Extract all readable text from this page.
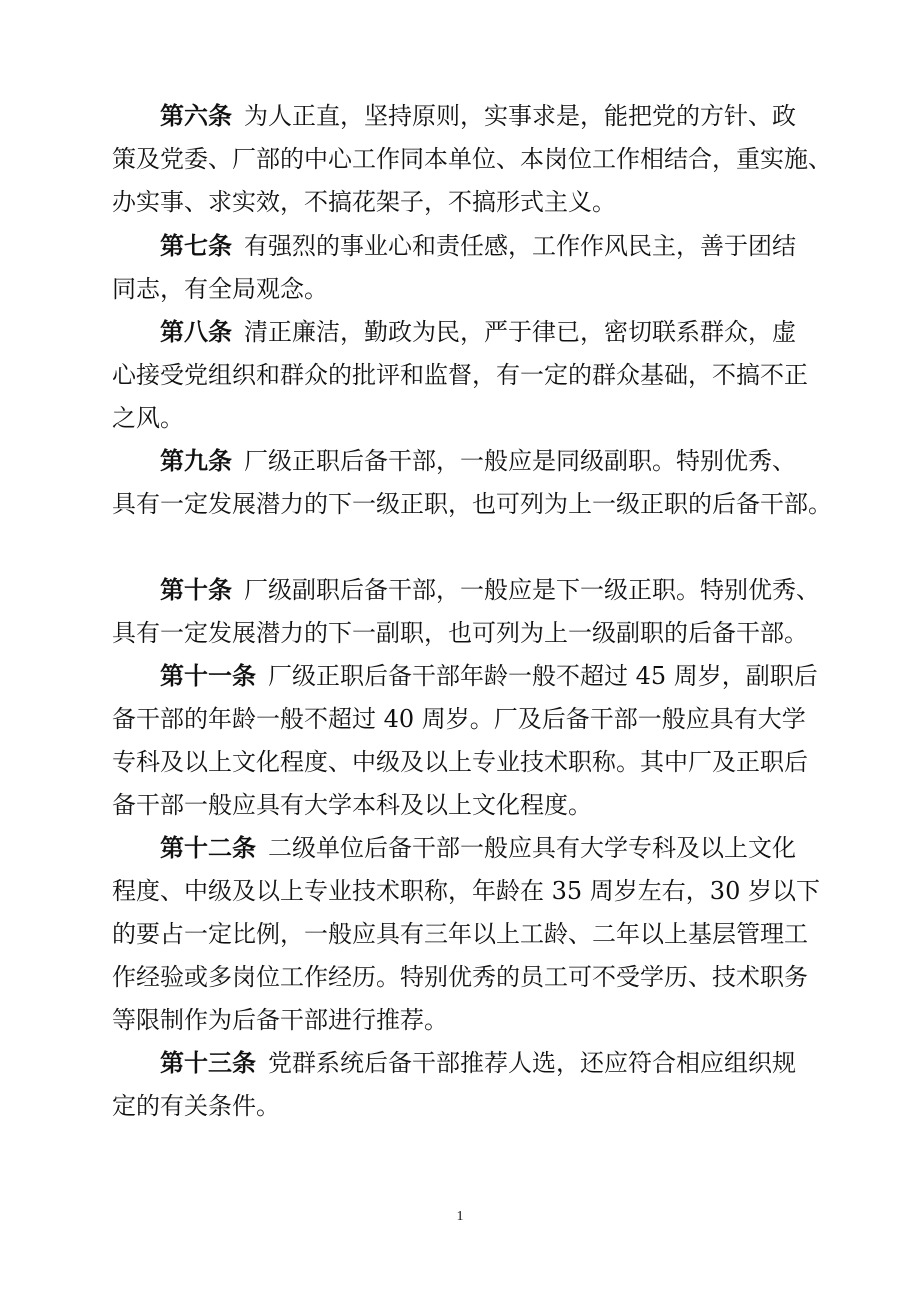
第六条 为人正直，坚持原则，实事求是，能把党的方针、政
策及党委、厂部的中心工作同本单位、本岗位工作相结合，重实施、
办实事、求实效，不搞花架子，不搞形式主义。
第七条 有强烈的事业心和责任感，工作作风民主，善于团结
同志，有全局观念。
第八条 清正廉洁，勤政为民，严于律已，密切联系群众，虚
心接受党组织和群众的批评和监督，有一定的群众基础，不搞不正
之风。
第九条 厂级正职后备干部，一般应是同级副职。特别优秀、
具有一定发展潜力的下一级正职，也可列为上一级正职的后备干部。
第十条 厂级副职后备干部，一般应是下一级正职。特别优秀、
具有一定发展潜力的下一副职，也可列为上一级副职的后备干部。
第十一条 厂级正职后备干部年龄一般不超过 45 周岁，副职后
备干部的年龄一般不超过 40 周岁。厂及后备干部一般应具有大学
专科及以上文化程度、中级及以上专业技术职称。其中厂及正职后
备干部一般应具有大学本科及以上文化程度。
第十二条 二级单位后备干部一般应具有大学专科及以上文化
程度、中级及以上专业技术职称，年龄在 35 周岁左右，30 岁以下
的要占一定比例，一般应具有三年以上工龄、二年以上基层管理工
作经验或多岗位工作经历。特别优秀的员工可不受学历、技术职务
等限制作为后备干部进行推荐。
第十三条 党群系统后备干部推荐人选，还应符合相应组织规
定的有关条件。
1
